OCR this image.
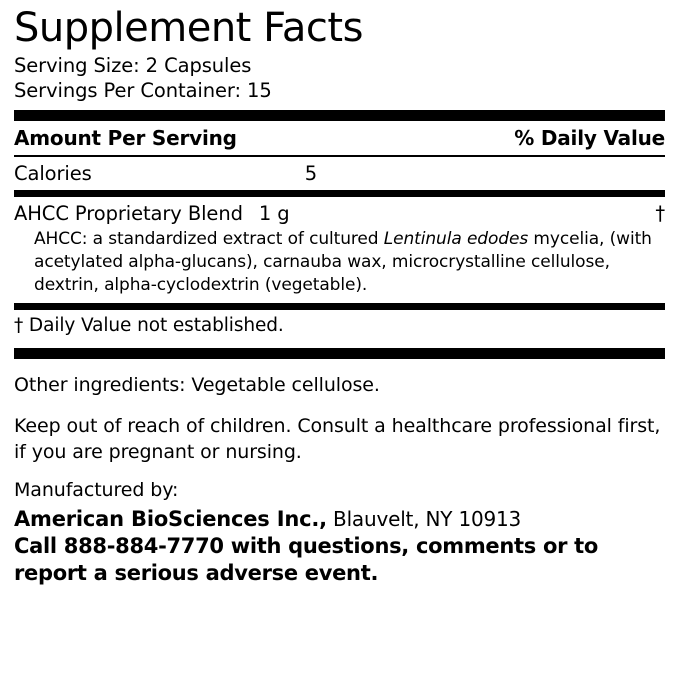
Supplement Facts
Serving Size: 2 Capsules
Servings Per Container: 15
Amount Per Serving	% Daily Value
Calories	5
AHCC Proprietary Blend 1 g	†
AHCC: a standardized extract of cultured Lentinula edodes mycelia, (with acetylated alpha-glucans), carnauba wax, microcrystalline cellulose, dextrin, alpha-cyclodextrin (vegetable).
† Daily Value not established.
Other ingredients: Vegetable cellulose.
Keep out of reach of children. Consult a healthcare professional first, if you are pregnant or nursing.
Manufactured by:
American BioSciences Inc., Blauvelt, NY 10913
Call 888-884-7770 with questions, comments or to report a serious adverse event.
